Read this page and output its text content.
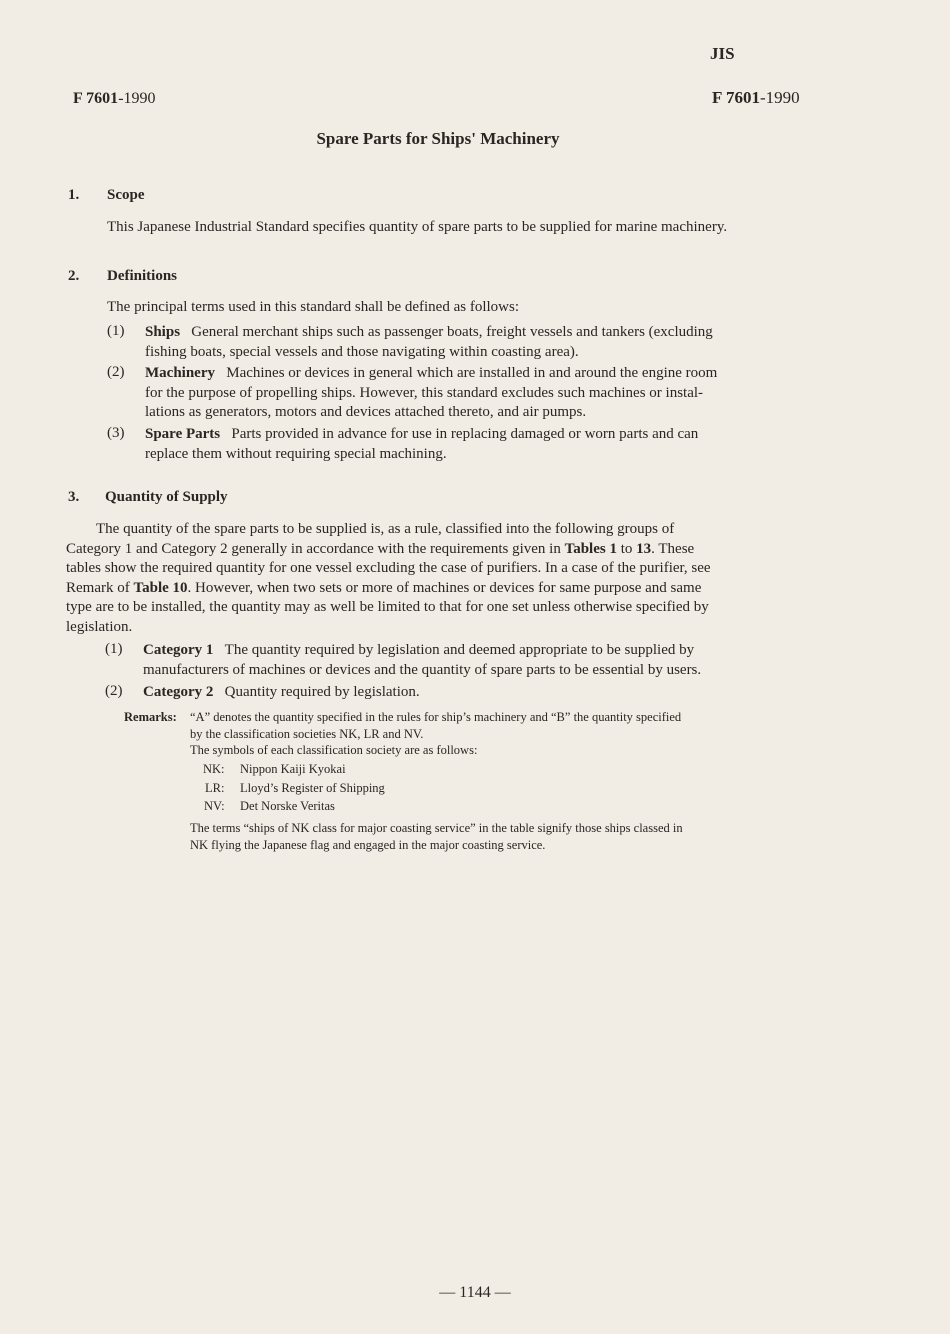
JIS
F 7601-1990	F 7601-1990
Spare Parts for Ships' Machinery
1. Scope
This Japanese Industrial Standard specifies quantity of spare parts to be supplied for marine machinery.
2. Definitions
The principal terms used in this standard shall be defined as follows:
(1) Ships General merchant ships such as passenger boats, freight vessels and tankers (excluding
fishing boats, special vessels and those navigating within coasting area).
(2) Machinery Machines or devices in general which are installed in and around the engine room
for the purpose of propelling ships. However, this standard excludes such machines or instal-
lations as generators, motors and devices attached thereto, and air pumps.
(3) Spare Parts Parts provided in advance for use in replacing damaged or worn parts and can
replace them without requiring special machining.
3. Quantity of Supply
The quantity of the spare parts to be supplied is, as a rule, classified into the following groups of
Category 1 and Category 2 generally in accordance with the requirements given in Tables 1 to 13. These
tables show the required quantity for one vessel excluding the case of purifiers. In a case of the purifier, see
Remark of Table 10. However, when two sets or more of machines or devices for same purpose and same
type are to be installed, the quantity may as well be limited to that for one set unless otherwise specified by
legislation.
(1) Category 1 The quantity required by legislation and deemed appropriate to be supplied by
manufacturers of machines or devices and the quantity of spare parts to be essential by users.
(2) Category 2 Quantity required by legislation.
Remarks: “A” denotes the quantity specified in the rules for ship’s machinery and “B” the quantity specified
by the classification societies NK, LR and NV.
The symbols of each classification society are as follows:
NK: Nippon Kaiji Kyokai
LR: Lloyd’s Register of Shipping
NV: Det Norske Veritas
The terms “ships of NK class for major coasting service” in the table signify those ships classed in
NK flying the Japanese flag and engaged in the major coasting service.
— 1144 —
